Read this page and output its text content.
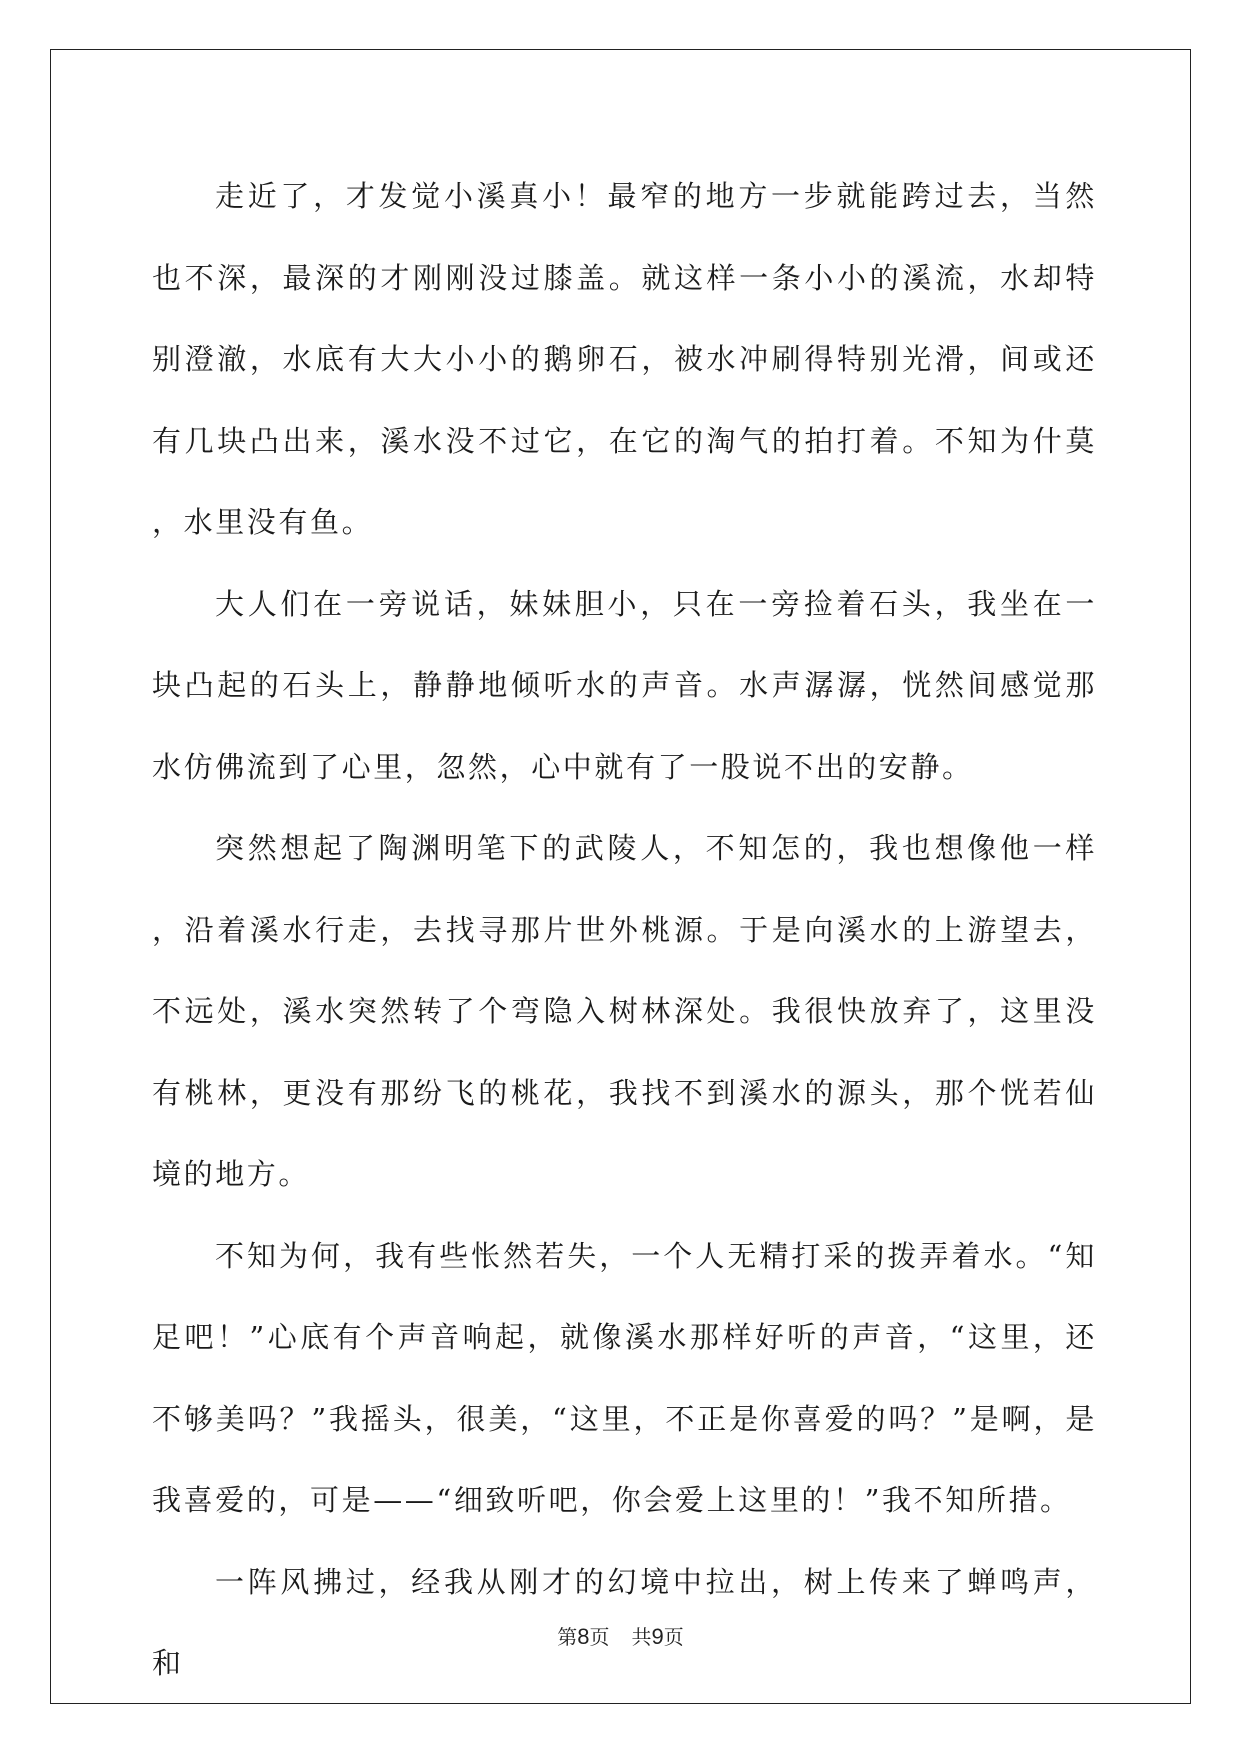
走近了，才发觉小溪真小！最窄的地方一步就能跨过去，当然也不深，最深的才刚刚没过膝盖。就这样一条小小的溪流，水却特别澄澈，水底有大大小小的鹅卵石，被水冲刷得特别光滑，间或还有几块凸出来，溪水没不过它，在它的淘气的拍打着。不知为什莫，水里没有鱼。

大人们在一旁说话，妹妹胆小，只在一旁捡着石头，我坐在一块凸起的石头上，静静地倾听水的声音。水声潺潺，恍然间感觉那水仿佛流到了心里，忽然，心中就有了一股说不出的安静。

突然想起了陶渊明笔下的武陵人，不知怎的，我也想像他一样，沿着溪水行走，去找寻那片世外桃源。于是向溪水的上游望去，不远处，溪水突然转了个弯隐入树林深处。我很快放弃了，这里没有桃林，更没有那纷飞的桃花，我找不到溪水的源头，那个恍若仙境的地方。

不知为何，我有些怅然若失，一个人无精打采的拨弄着水。“知足吧！”心底有个声音响起，就像溪水那样好听的声音，“这里，还不够美吗？”我摇头，很美，“这里，不正是你喜爱的吗？”是啊，是我喜爱的，可是——“细致听吧，你会爱上这里的！”我不知所措。

一阵风拂过，经我从刚才的幻境中拉出，树上传来了蝉鸣声，和

第8页 共9页
